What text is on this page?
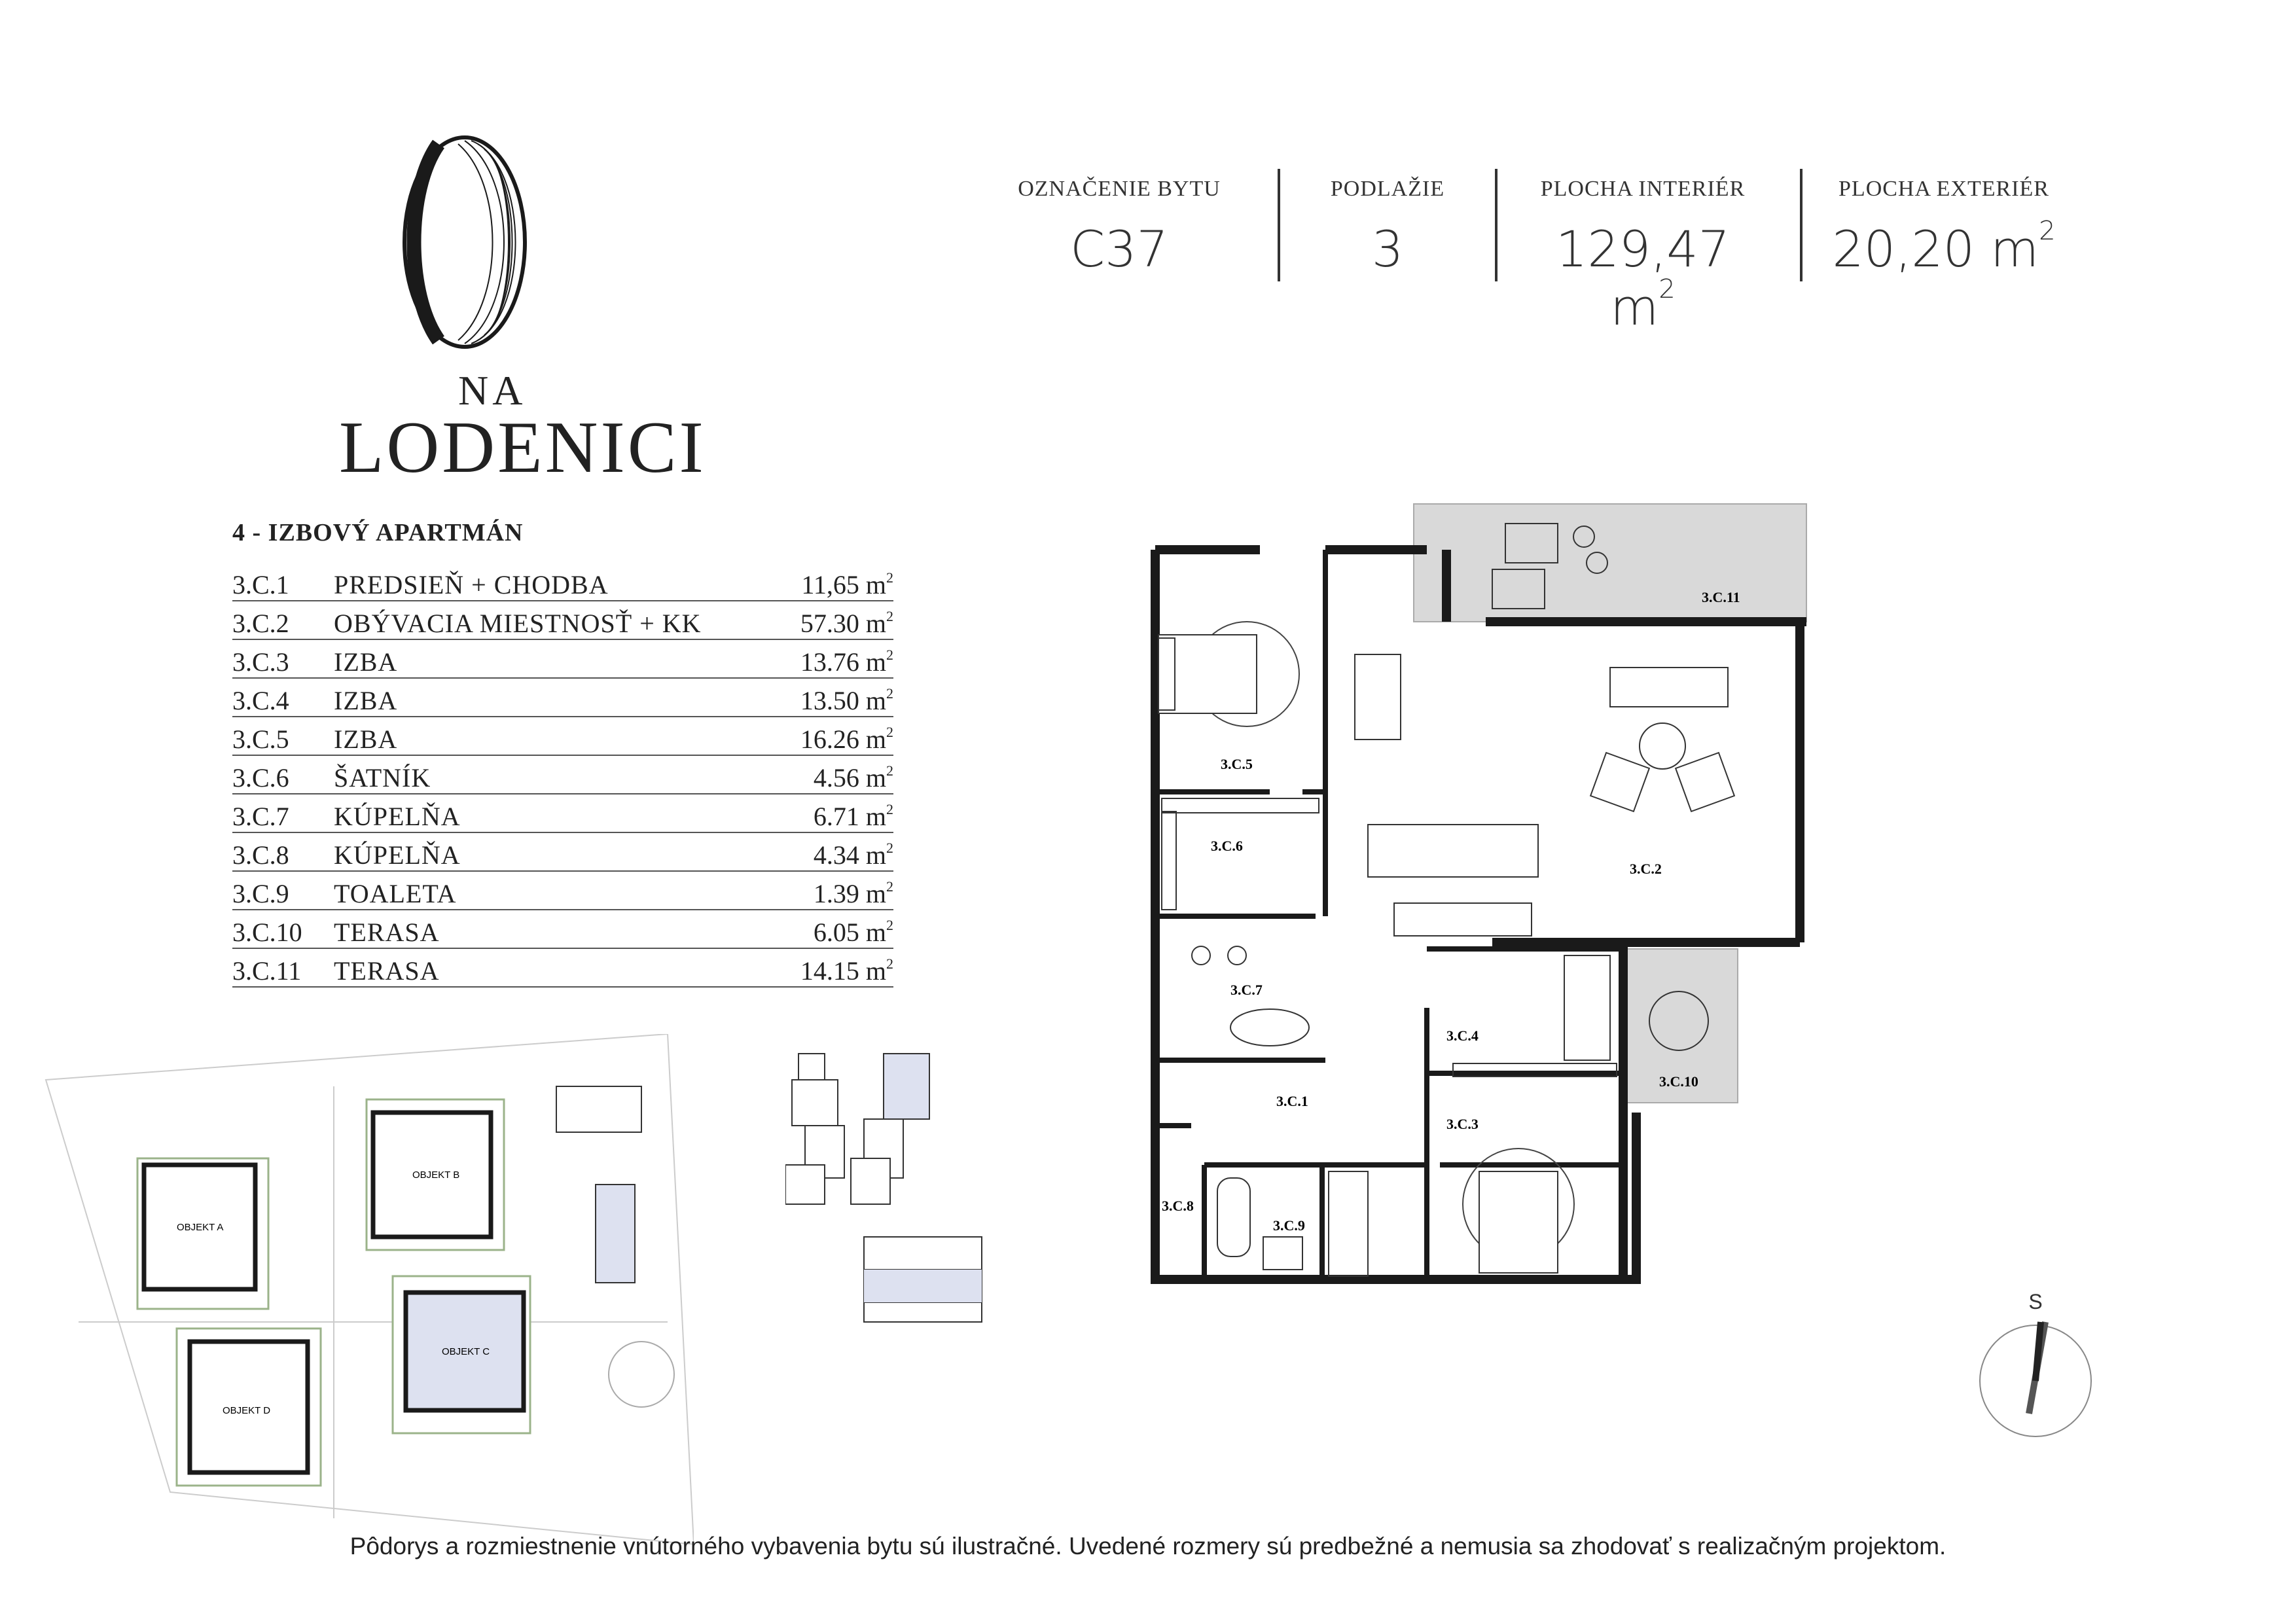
NA
LODENICI
OZNAČENIE BYTU
C37
PODLAŽIE
3
PLOCHA INTERIÉR
129,47 $m^2$
PLOCHA EXTERIÉR
20,20 $m^2$
4 - IZBOVÝ APARTMÁN
3.C.1 PREDSIEŇ + CHODBA	11,65 $m^2$
3.C.2 OBÝVACIA MIESTNOSŤ + KK	57.30 $m^2$
3.C.3 IZBA	13.76 $m^2$
3.C.4 IZBA	13.50 $m^2$
3.C.5 IZBA	16.26 $m^2$
3.C.6 ŠATNÍK	4.56 $m^2$
3.C.7 KÚPELŇA	6.71 $m^2$
3.C.8 KÚPELŇA	4.34 $m^2$
3.C.9 TOALETA	1.39 $m^2$
3.C.10 TERASA	6.05 $m^2$
3.C.11 TERASA	14.15 $m^2$
3.C.1
3.C.2
3.C.3
3.C.4
3.C.5
3.C.6
3.C.7
3.C.8
3.C.9
3.C.10
3.C.11
OBJEKT A
OBJEKT B
OBJEKT C
OBJEKT D
S
Pôdorys a rozmiestnenie vnútorného vybavenia bytu sú ilustračné. Uvedené rozmery sú predbežné a nemusia sa zhodovať s realizačným projektom.
